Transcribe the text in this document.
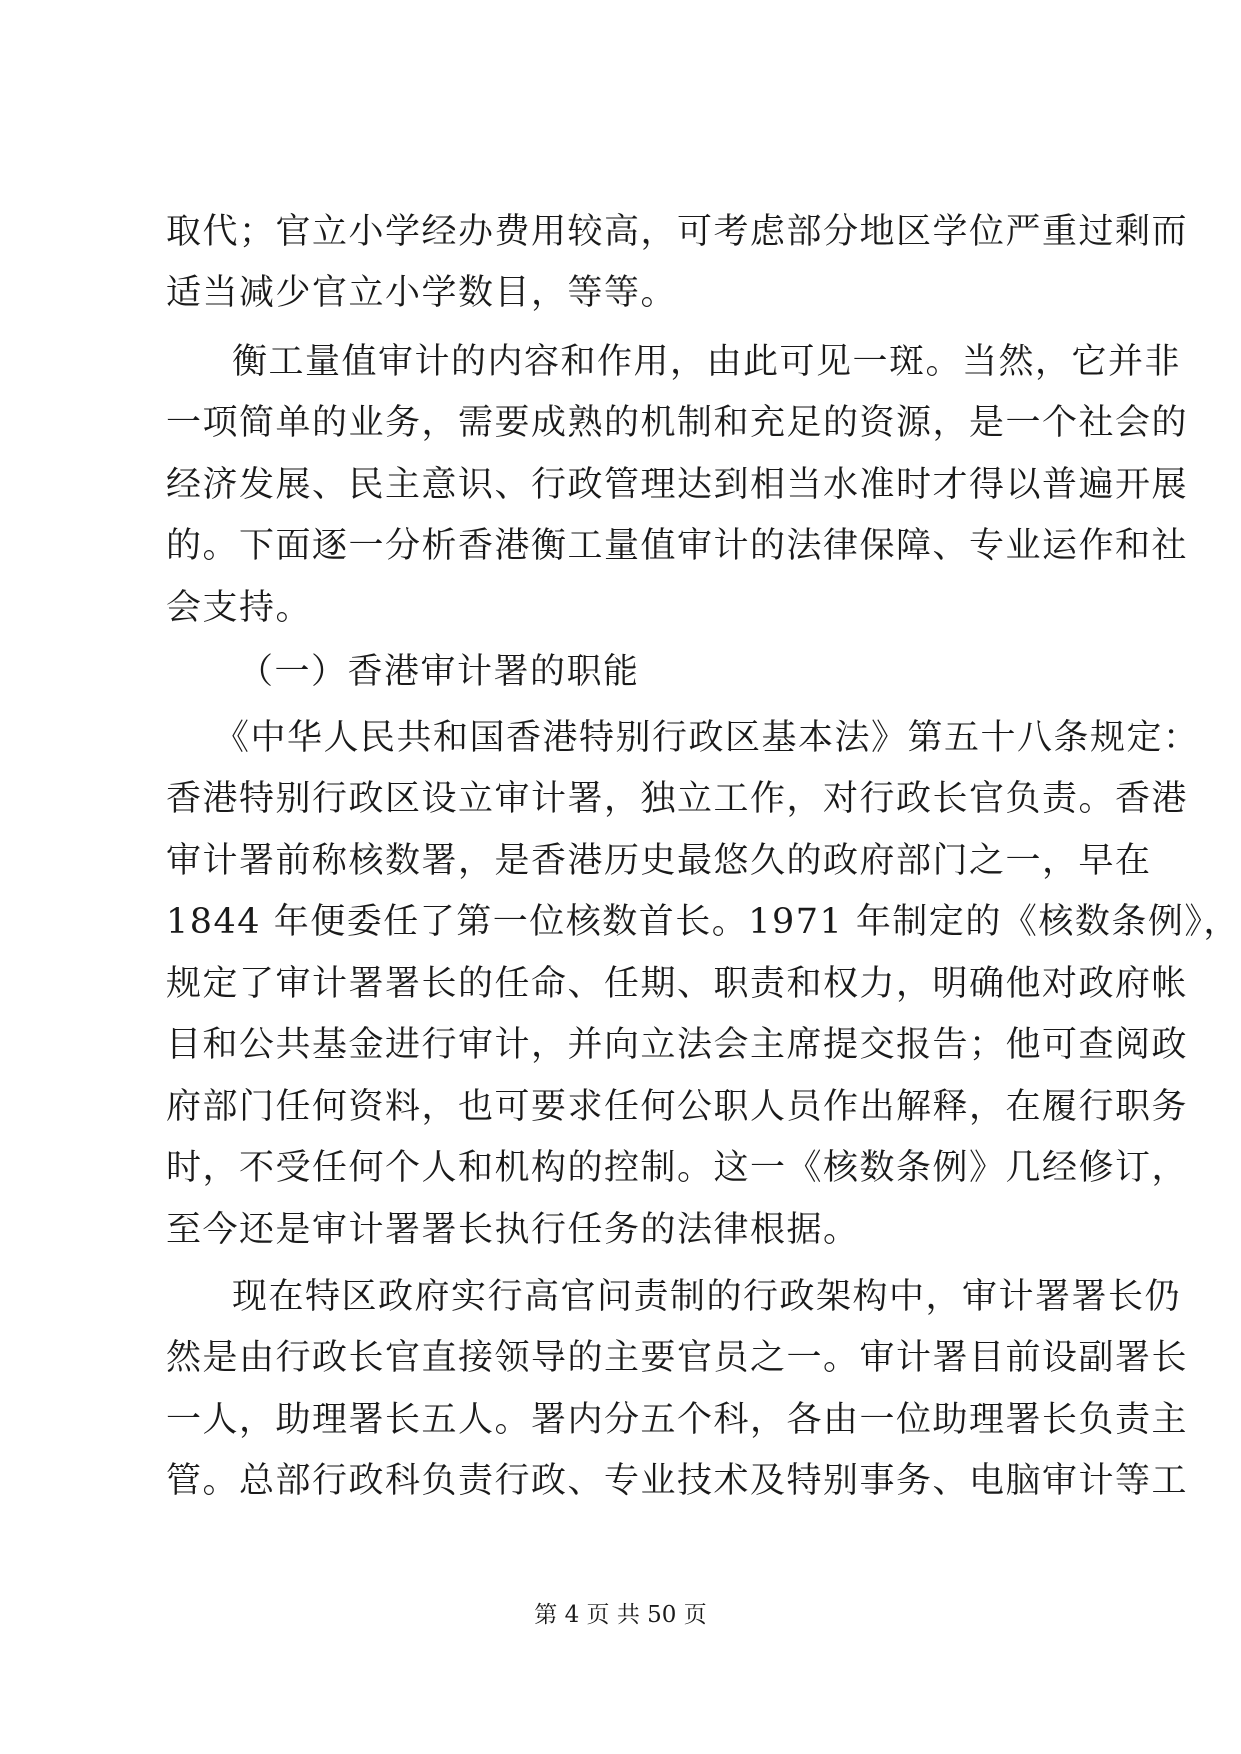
取代；官立小学经办费用较高，可考虑部分地区学位严重过剩而
适当减少官立小学数目，等等。
衡工量值审计的内容和作用，由此可见一斑。当然，它并非
一项简单的业务，需要成熟的机制和充足的资源，是一个社会的
经济发展、民主意识、行政管理达到相当水准时才得以普遍开展
的。下面逐一分析香港衡工量值审计的法律保障、专业运作和社
会支持。
（一）香港审计署的职能
《中华人民共和国香港特别行政区基本法》第五十八条规定：
香港特别行政区设立审计署，独立工作，对行政长官负责。香港
审计署前称核数署，是香港历史最悠久的政府部门之一，早在
1844 年便委任了第一位核数首长。1971 年制定的《核数条例》，
规定了审计署署长的任命、任期、职责和权力，明确他对政府帐
目和公共基金进行审计，并向立法会主席提交报告；他可查阅政
府部门任何资料，也可要求任何公职人员作出解释，在履行职务
时，不受任何个人和机构的控制。这一《核数条例》几经修订，
至今还是审计署署长执行任务的法律根据。
现在特区政府实行高官问责制的行政架构中，审计署署长仍
然是由行政长官直接领导的主要官员之一。审计署目前设副署长
一人，助理署长五人。署内分五个科，各由一位助理署长负责主
管。总部行政科负责行政、专业技术及特别事务、电脑审计等工
第 4 页 共 50 页
